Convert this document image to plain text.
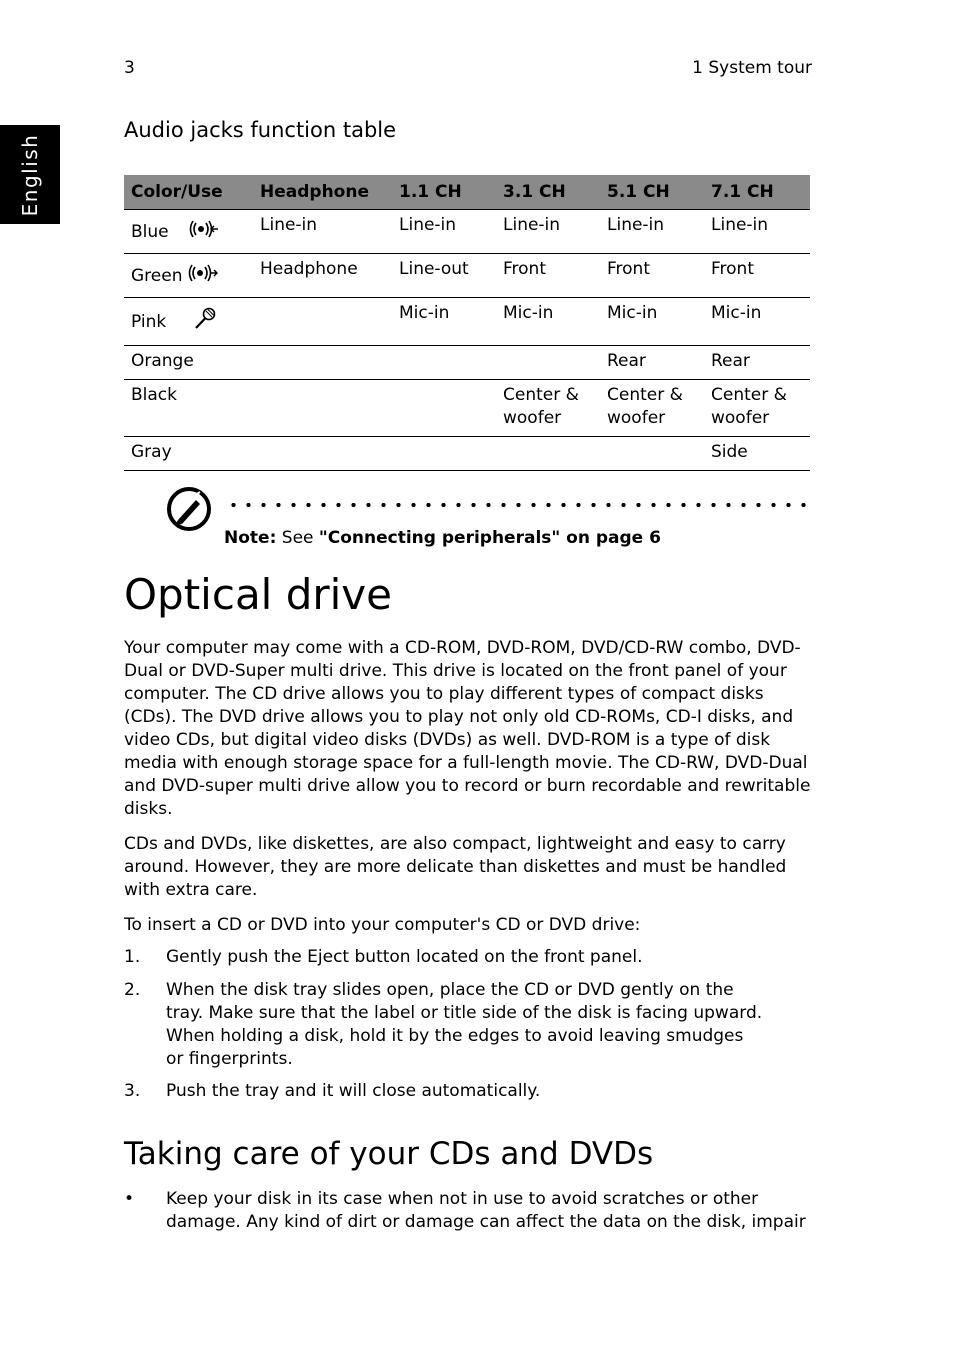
3	1 System tour
English
Audio jacks function table
Color/Use	Headphone	1.1 CH	3.1 CH	5.1 CH	7.1 CH

Blue	Line-in	Line-in	Line-in	Line-in	Line-in

Green	Headphone	Line-out	Front	Front	Front

Pink		Mic-in	Mic-in	Mic-in	Mic-in
Orange				Rear	Rear
Black			Center & woofer	Center & woofer	Center & woofer
Gray					Side
Note: See "Connecting peripherals" on page 6
Optical drive
Your computer may come with a CD-ROM, DVD-ROM, DVD/CD-RW combo, DVD-Dual or DVD-Super multi drive. This drive is located on the front panel of your computer. The CD drive allows you to play different types of compact disks (CDs). The DVD drive allows you to play not only old CD-ROMs, CD-I disks, and video CDs, but digital video disks (DVDs) as well. DVD-ROM is a type of disk media with enough storage space for a full-length movie. The CD-RW, DVD-Dual and DVD-super multi drive allow you to record or burn recordable and rewritable disks.
CDs and DVDs, like diskettes, are also compact, lightweight and easy to carry around. However, they are more delicate than diskettes and must be handled with extra care.
To insert a CD or DVD into your computer's CD or DVD drive:
1. Gently push the Eject button located on the front panel.
2. When the disk tray slides open, place the CD or DVD gently on the tray. Make sure that the label or title side of the disk is facing upward. When holding a disk, hold it by the edges to avoid leaving smudges or fingerprints.
3. Push the tray and it will close automatically.
Taking care of your CDs and DVDs
• Keep your disk in its case when not in use to avoid scratches or other damage. Any kind of dirt or damage can affect the data on the disk, impair
